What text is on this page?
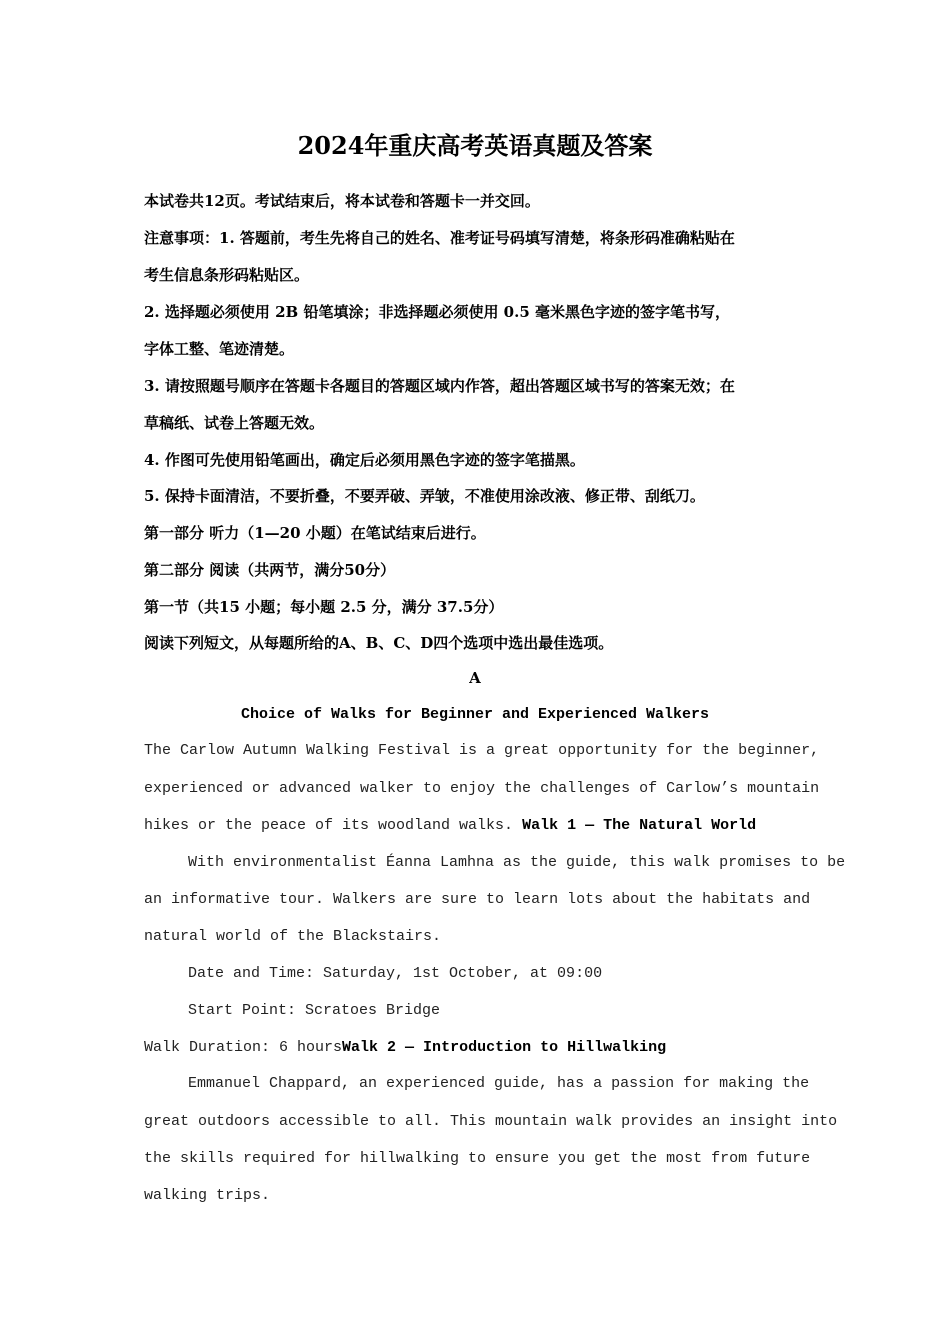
2024年重庆高考英语真题及答案
本试卷共12页。考试结束后，将本试卷和答题卡一并交回。
注意事项：1. 答题前，考生先将自己的姓名、准考证号码填写清楚，将条形码准确粘贴在
考生信息条形码粘贴区。
2. 选择题必须使用 2B 铅笔填涂；非选择题必须使用 0.5 毫米黑色字迹的签字笔书写，
字体工整、笔迹清楚。
3. 请按照题号顺序在答题卡各题目的答题区域内作答，超出答题区域书写的答案无效；在
草稿纸、试卷上答题无效。
4. 作图可先使用铅笔画出，确定后必须用黑色字迹的签字笔描黑。
5. 保持卡面清洁，不要折叠，不要弄破、弄皱，不准使用涂改液、修正带、刮纸刀。
第一部分 听力（1—20 小题）在笔试结束后进行。
第二部分 阅读（共两节，满分50分）
第一节（共15 小题；每小题 2.5 分，满分 37.5分）
阅读下列短文，从每题所给的A、B、C、D四个选项中选出最佳选项。
A
Choice of Walks for Beginner and Experienced Walkers
The Carlow Autumn Walking Festival is a great opportunity for the beginner,
experienced or advanced walker to enjoy the challenges of Carlow’s mountain
hikes or the peace of its woodland walks. Walk 1 — The Natural World
With environmentalist Éanna Lamhna as the guide, this walk promises to be
an informative tour. Walkers are sure to learn lots about the habitats and
natural world of the Blackstairs.
Date and Time: Saturday, 1st October, at 09:00
Start Point: Scratoes Bridge
Walk Duration: 6 hoursWalk 2 — Introduction to Hillwalking
Emmanuel Chappard, an experienced guide, has a passion for making the
great outdoors accessible to all. This mountain walk provides an insight into
the skills required for hillwalking to ensure you get the most from future
walking trips.
